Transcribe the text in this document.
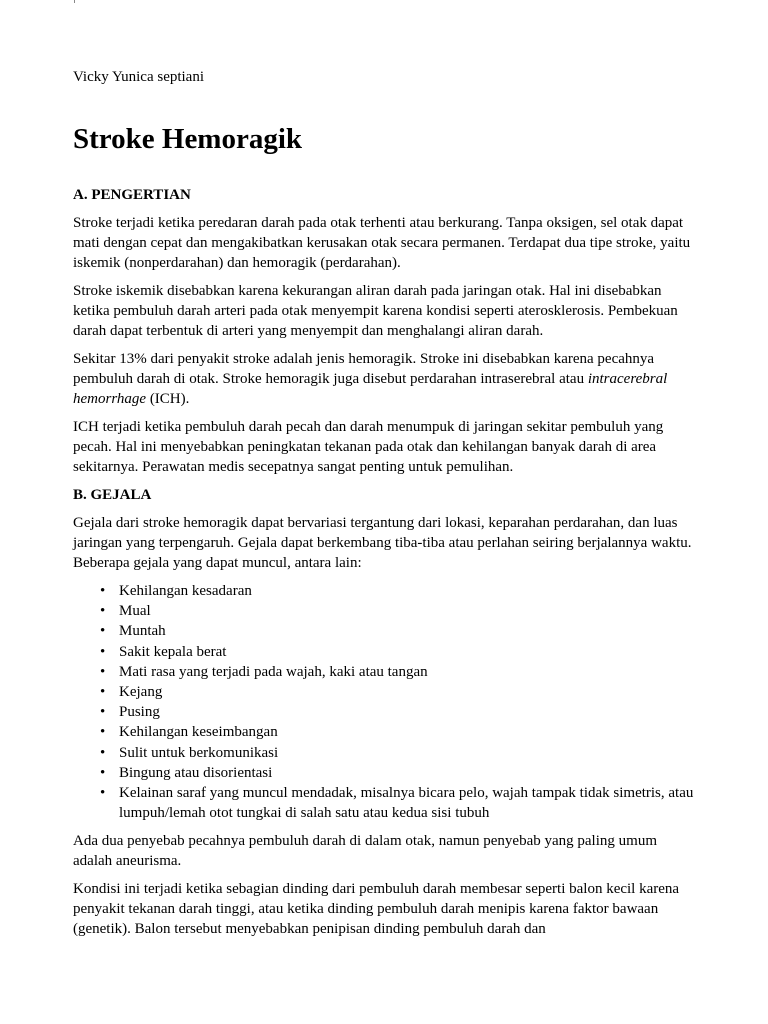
Vicky Yunica septiani
Stroke Hemoragik
A. PENGERTIAN

Stroke terjadi ketika peredaran darah pada otak terhenti atau berkurang. Tanpa oksigen, sel otak dapat mati dengan cepat dan mengakibatkan kerusakan otak secara permanen. Terdapat dua tipe stroke, yaitu iskemik (nonperdarahan) dan hemoragik (perdarahan).

Stroke iskemik disebabkan karena kekurangan aliran darah pada jaringan otak. Hal ini disebabkan ketika pembuluh darah arteri pada otak menyempit karena kondisi seperti aterosklerosis. Pembekuan darah dapat terbentuk di arteri yang menyempit dan menghalangi aliran darah.

Sekitar 13% dari penyakit stroke adalah jenis hemoragik. Stroke ini disebabkan karena pecahnya pembuluh darah di otak. Stroke hemoragik juga disebut perdarahan intraserebral atau intracerebral hemorrhage (ICH).

ICH terjadi ketika pembuluh darah pecah dan darah menumpuk di jaringan sekitar pembuluh yang pecah. Hal ini menyebabkan peningkatan tekanan pada otak dan kehilangan banyak darah di area sekitarnya. Perawatan medis secepatnya sangat penting untuk pemulihan.

B. GEJALA

Gejala dari stroke hemoragik dapat bervariasi tergantung dari lokasi, keparahan perdarahan, dan luas jaringan yang terpengaruh. Gejala dapat berkembang tiba-tiba atau perlahan seiring berjalannya waktu. Beberapa gejala yang dapat muncul, antara lain:

• Kehilangan kesadaran
• Mual
• Muntah
• Sakit kepala berat
• Mati rasa yang terjadi pada wajah, kaki atau tangan
• Kejang
• Pusing
• Kehilangan keseimbangan
• Sulit untuk berkomunikasi
• Bingung atau disorientasi
• Kelainan saraf yang muncul mendadak, misalnya bicara pelo, wajah tampak tidak simetris, atau lumpuh/lemah otot tungkai di salah satu atau kedua sisi tubuh

Ada dua penyebab pecahnya pembuluh darah di dalam otak, namun penyebab yang paling umum adalah aneurisma.

Kondisi ini terjadi ketika sebagian dinding dari pembuluh darah membesar seperti balon kecil karena penyakit tekanan darah tinggi, atau ketika dinding pembuluh darah menipis karena faktor bawaan (genetik). Balon tersebut menyebabkan penipisan dinding pembuluh darah dan
